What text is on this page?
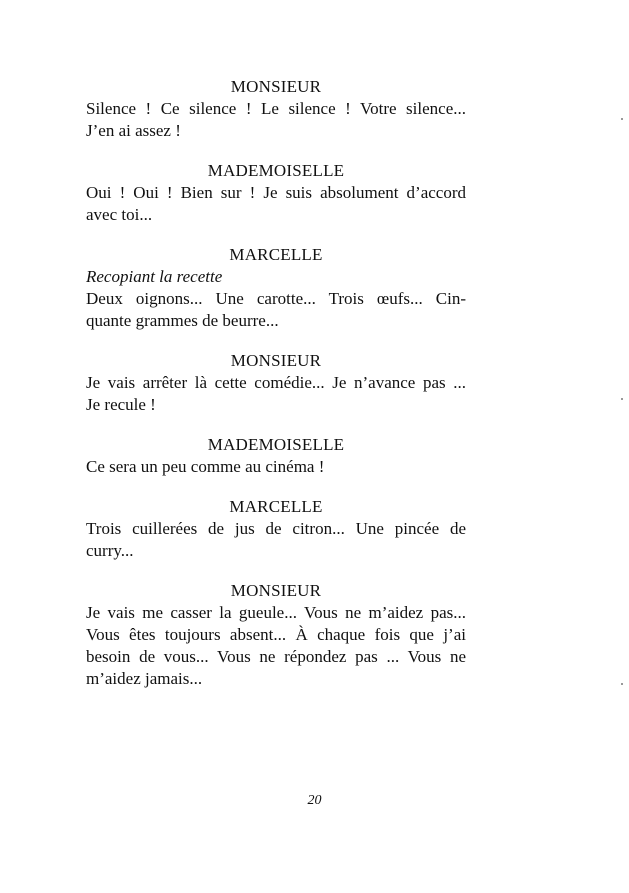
MONSIEUR
Silence ! Ce silence ! Le silence ! Votre silence...
J’en ai assez !
MADEMOISELLE
Oui ! Oui ! Bien sur ! Je suis absolument d’accord
avec toi...
MARCELLE
Recopiant la recette
Deux oignons... Une carotte... Trois œufs... Cin-
quante grammes de beurre...
MONSIEUR
Je vais arrêter là cette comédie... Je n’avance pas ...
Je recule !
MADEMOISELLE
Ce sera un peu comme au cinéma !
MARCELLE
Trois cuillerées de jus de citron... Une pincée de
curry...
MONSIEUR
Je vais me casser la gueule... Vous ne m’aidez pas...
Vous êtes toujours absent... À chaque fois que j’ai
besoin de vous... Vous ne répondez pas ... Vous ne
m’aidez jamais...
20
